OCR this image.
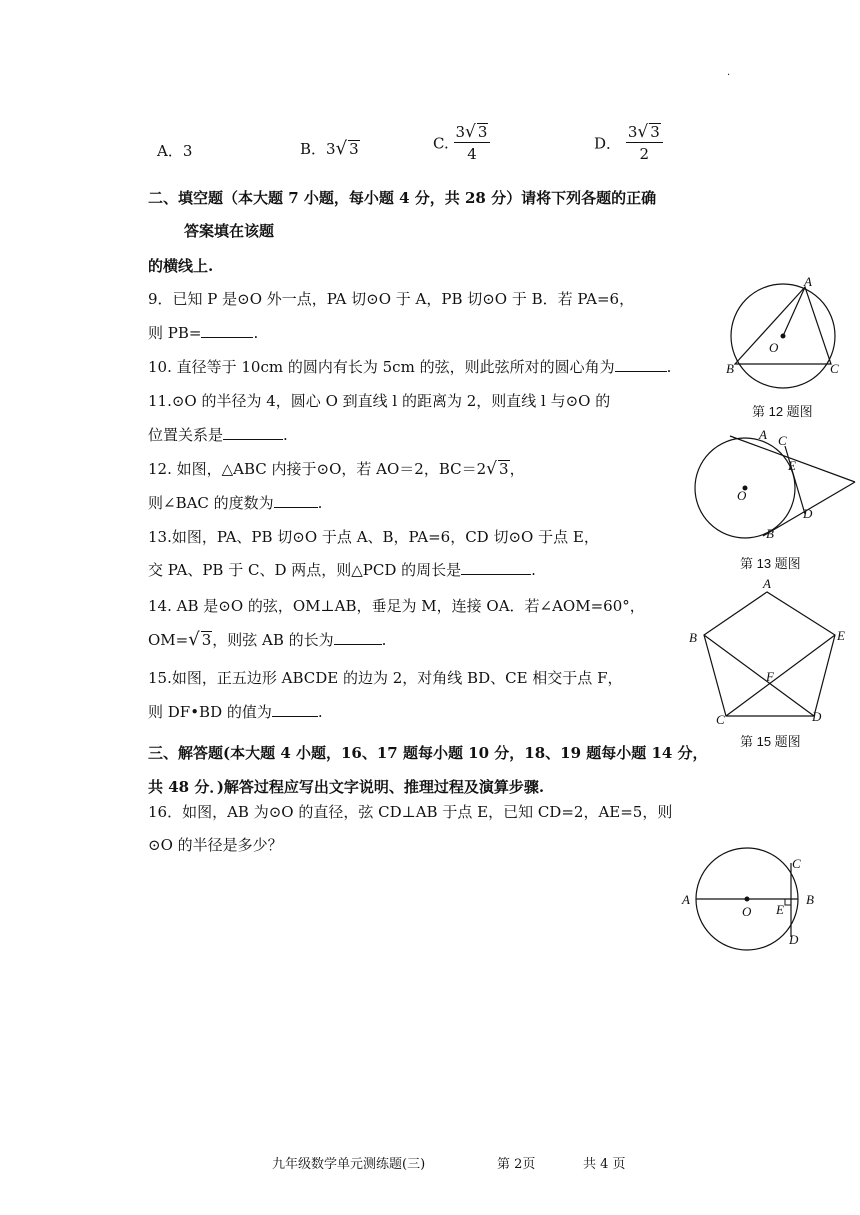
·
A．3	B．3√ 3	C. $\frac{3√ 3}{4}$	D． $\frac{3√ 3}{2}$
二、填空题（本大题 7 小题，每小题 4 分，共 28 分）请将下列各题的正确
答案填在该题
的横线上.
9．已知 P 是⊙O 外一点，PA 切⊙O 于 A，PB 切⊙O 于 B．若 PA=6，
则 PB=	.
10. 直径等于 10cm 的圆内有长为 5cm 的弦，则此弦所对的圆心角为	.
11.⊙O 的半径为 4，圆心 O 到直线 l 的距离为 2，则直线 l 与⊙O 的
位置关系是	.
12. 如图，△ABC 内接于⊙O，若 AO＝2，BC＝2√ 3，
则∠BAC 的度数为	.
13.如图，PA、PB 切⊙O 于点 A、B，PA=6，CD 切⊙O 于点 E，
交 PA、PB 于 C、D 两点，则△PCD 的周长是	.
14. AB 是⊙O 的弦，OM⊥AB，垂足为 M，连接 OA．若∠AOM=60°，
OM=√ 3，则弦 AB 的长为	.
15.如图，正五边形 ABCDE 的边为 2，对角线 BD、CE 相交于点 F，
则 DF•BD 的值为	.
三、解答题(本大题 4 小题，16、17 题每小题 10 分，18、19 题每小题 14 分，
共 48 分．)解答过程应写出文字说明、推理过程及演算步骤.
16．如图，AB 为⊙O 的直径，弦 CD⊥AB 于点 E，已知 CD=2，AE=5，则
⊙O 的半径是多少？
A
B	C
O
第 12 题图
A C
E
O
D
B
第 13 题图
A
B	E
F
C	D
第 15 题图
A
O E
B
C
D
九年级数学单元测练题(三)	第 2页	共 4 页
